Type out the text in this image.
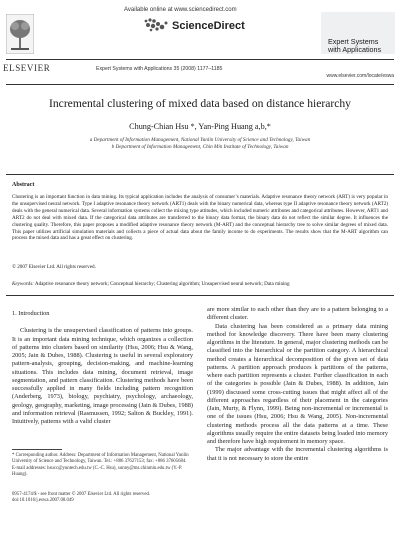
ELSEVIER
Available online at www.sciencedirect.com
ScienceDirect
Expert Systems with Applications 35 (2008) 1177–1185
Expert Systems
with Applications
www.elsevier.com/locate/eswa
Incremental clustering of mixed data based on distance hierarchy
Chung-Chian Hsu *, Yan-Ping Huang a,b,*
a Department of Information Management, National Yunlin University of Science and Technology, Taiwan
b Department of Information Management, Chin Min Institute of Technology, Taiwan
Abstract
Clustering is an important function in data mining. Its typical application includes the analysis of consumer’s materials. Adaptive resonance theory network (ART) is very popular in the unsupervised neural network. Type I adaptive resonance theory network (ART1) deals with the binary numerical data, whereas type II adaptive resonance theory network (ART2) deals with the general numerical data. Several information systems collect the mixing type attitudes, which included numeric attributes and categorical attributes. However, ART1 and ART2 do not deal with mixed data. If the categorical data attributes are transferred to the binary data format, the binary data do not reflect the similar degree. It influences the clustering quality. Therefore, this paper proposes a modified adaptive resonance theory network (M-ART) and the conceptual hierarchy tree to solve similar degrees of mixed data. This paper utilizes artificial simulation materials and collects a piece of actual data about the family income to do experiments. The results show that the M-ART algorithm can process the mixed data and has a great effect on clustering.
© 2007 Elsevier Ltd. All rights reserved.
Keywords: Adaptive resonance theory network; Conceptual hierarchy; Clustering algorithm; Unsupervised neural network; Data mining
1. Introduction

Clustering is the unsupervised classification of patterns into groups. It is an important data mining technique, which organizes a collection of patterns into clusters based on similarity (Hsu, 2006; Hsu & Wang, 2005; Jain & Dubes, 1988). Clustering is useful in several exploratory pattern-analysis, grouping, decision-making, and machine-learning situations. This includes data mining, document retrieval, image segmentation, and pattern classification. Clustering methods have been successfully applied in many fields including pattern recognition (Anderberg, 1973), biology, psychiatry, psychology, archaeology, geology, geography, marketing, image processing (Jain & Dubes, 1988) and information retrieval (Rasmussen, 1992; Salton & Buckley, 1991). Intuitively, patterns with a valid cluster

* Corresponding author. Address: Department of Information Management, National Yunlin University of Science and Technology, Taiwan. Tel.: +886 37627153; fax: +886 37605684.
E-mail addresses: hsucc@yuntech.edu.tw (C.-C. Hsu), sunny@ms.chinmin.edu.tw (Y.-P. Huang).
0957-4174/$ - see front matter © 2007 Elsevier Ltd. All rights reserved.
doi:10.1016/j.eswa.2007.08.049

are more similar to each other than they are to a pattern belonging to a different cluster.

Data clustering has been considered as a primary data mining method for knowledge discovery. There have been many clustering algorithms in the literature. In general, major clustering methods can be classified into the hierarchical or the partition category. A hierarchical method creates a hierarchical decomposition of the given set of data patterns. A partition approach produces k partitions of the patterns, where each partition represents a cluster. Further classification in each of the categories is possible (Jain & Dubes, 1988). In addition, Jain (1999) discussed some cross-cutting issues that might affect all of the different approaches regardless of their placement in the categories (Jain, Murty, & Flynn, 1999). Being non-incremental or incremental is one of the issues (Hsu, 2006; Hsu & Wang, 2005). Non-incremental clustering methods process all the data patterns at a time. These algorithms usually require the entire datasets being loaded into memory and therefore have high requirement in memory space.

The major advantage with the incremental clustering algorithms is that it is not necessary to store the entire
